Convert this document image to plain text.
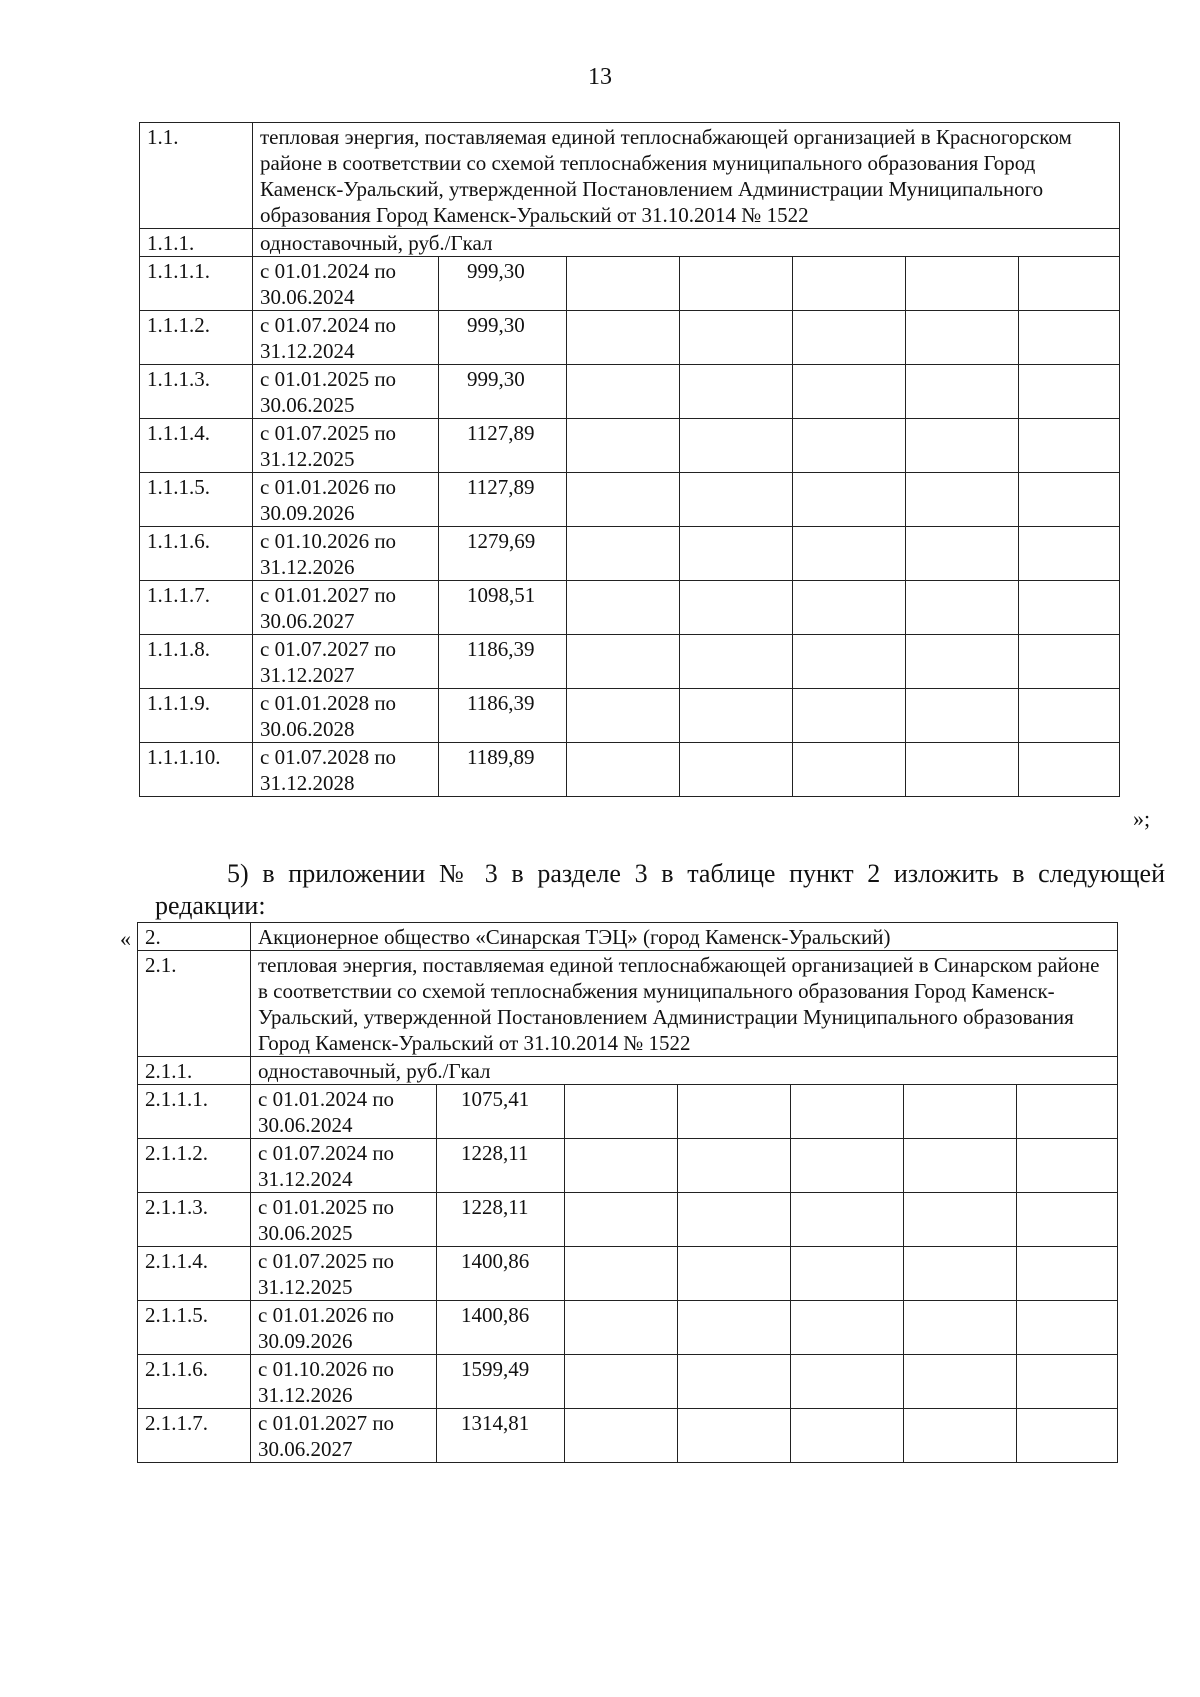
13
1.1.	тепловая энергия, поставляемая единой теплоснабжающей организацией в Красногорском районе в соответствии со схемой теплоснабжения муниципального образования Город Каменск-Уральский, утвержденной Постановлением Администрации Муниципального образования Город Каменск-Уральский от 31.10.2014 № 1522						
1.1.1.	одноставочный, руб./Гкал						
1.1.1.1.	с 01.01.2024 по 30.06.2024	999,30					
1.1.1.2.	с 01.07.2024 по 31.12.2024	999,30					
1.1.1.3.	с 01.01.2025 по 30.06.2025	999,30					
1.1.1.4.	с 01.07.2025 по 31.12.2025	1127,89					
1.1.1.5.	с 01.01.2026 по 30.09.2026	1127,89					
1.1.1.6.	с 01.10.2026 по 31.12.2026	1279,69					
1.1.1.7.	с 01.01.2027 по 30.06.2027	1098,51					
1.1.1.8.	с 01.07.2027 по 31.12.2027	1186,39					
1.1.1.9.	с 01.01.2028 по 30.06.2028	1186,39					
1.1.1.10.	с 01.07.2028 по 31.12.2028	1189,89					
»;
5) в приложении № 3 в разделе 3 в таблице пункт 2 изложить в следующей
редакции:
« 2.	Акционерное общество «Синарская ТЭЦ» (город Каменск-Уральский)						
2.1.	тепловая энергия, поставляемая единой теплоснабжающей организацией в Синарском районе в соответствии со схемой теплоснабжения муниципального образования Город Каменск-Уральский, утвержденной Постановлением Администрации Муниципального образования Город Каменск-Уральский от 31.10.2014 № 1522						
2.1.1.	одноставочный, руб./Гкал						
2.1.1.1.	с 01.01.2024 по 30.06.2024	1075,41					
2.1.1.2.	с 01.07.2024 по 31.12.2024	1228,11					
2.1.1.3.	с 01.01.2025 по 30.06.2025	1228,11					
2.1.1.4.	с 01.07.2025 по 31.12.2025	1400,86					
2.1.1.5.	с 01.01.2026 по 30.09.2026	1400,86					
2.1.1.6.	с 01.10.2026 по 31.12.2026	1599,49					
2.1.1.7.	с 01.01.2027 по 30.06.2027	1314,81					
